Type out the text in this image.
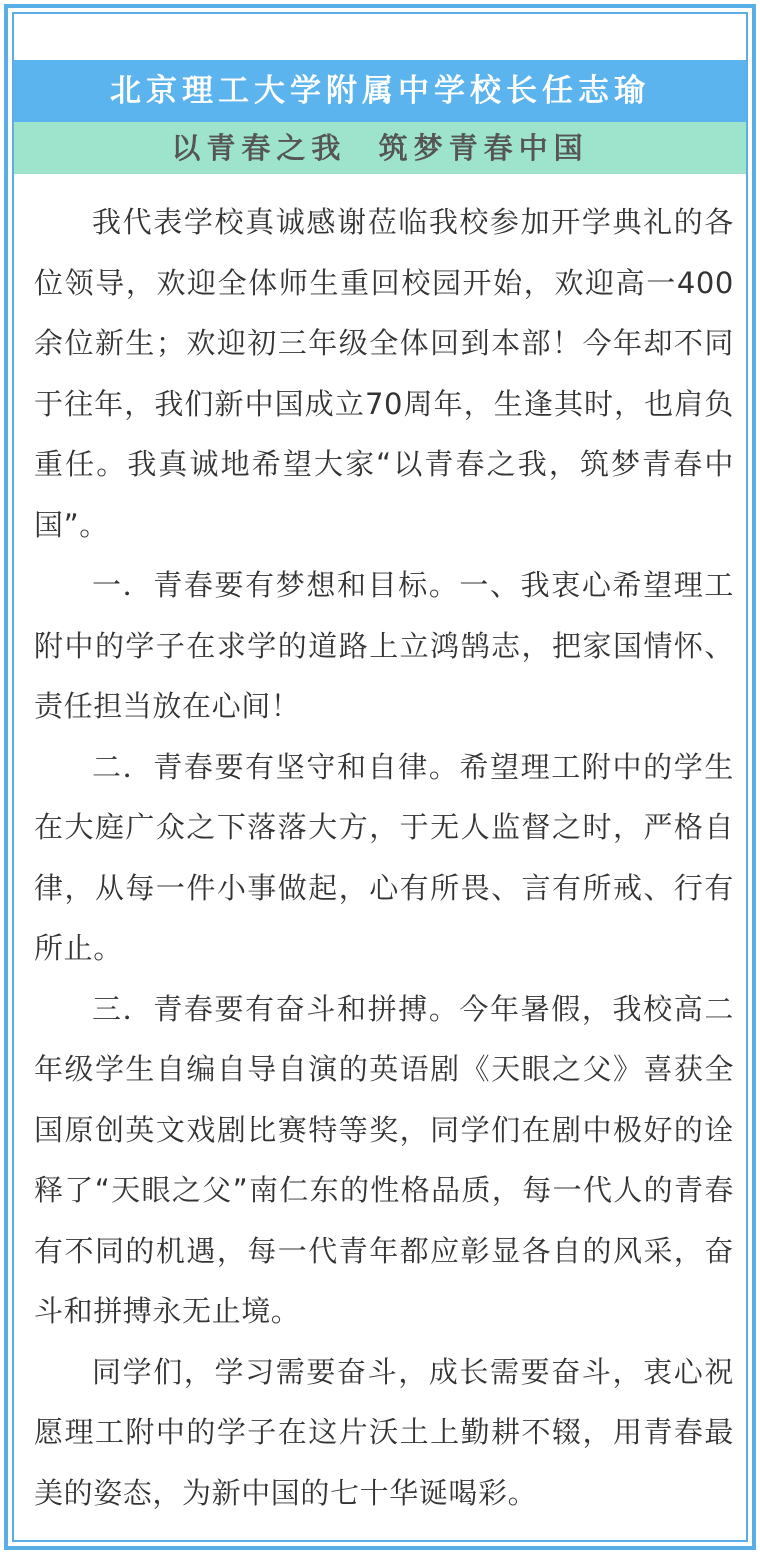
北京理工大学附属中学校长任志瑜
以青春之我  筑梦青春中国

我代表学校真诚感谢莅临我校参加开学典礼的各位领导，欢迎全体师生重回校园开始，欢迎高一400余位新生；欢迎初三年级全体回到本部！今年却不同于往年，我们新中国成立70周年，生逢其时，也肩负重任。我真诚地希望大家“以青春之我，筑梦青春中国”。

一．青春要有梦想和目标。一、我衷心希望理工附中的学子在求学的道路上立鸿鹄志，把家国情怀、责任担当放在心间！

二．青春要有坚守和自律。希望理工附中的学生在大庭广众之下落落大方，于无人监督之时，严格自律，从每一件小事做起，心有所畏、言有所戒、行有所止。

三．青春要有奋斗和拼搏。今年暑假，我校高二年级学生自编自导自演的英语剧《天眼之父》喜获全国原创英文戏剧比赛特等奖，同学们在剧中极好的诠释了“天眼之父”南仁东的性格品质，每一代人的青春有不同的机遇，每一代青年都应彰显各自的风采，奋斗和拼搏永无止境。

同学们，学习需要奋斗，成长需要奋斗，衷心祝愿理工附中的学子在这片沃土上勤耕不辍，用青春最美的姿态，为新中国的七十华诞喝彩。
